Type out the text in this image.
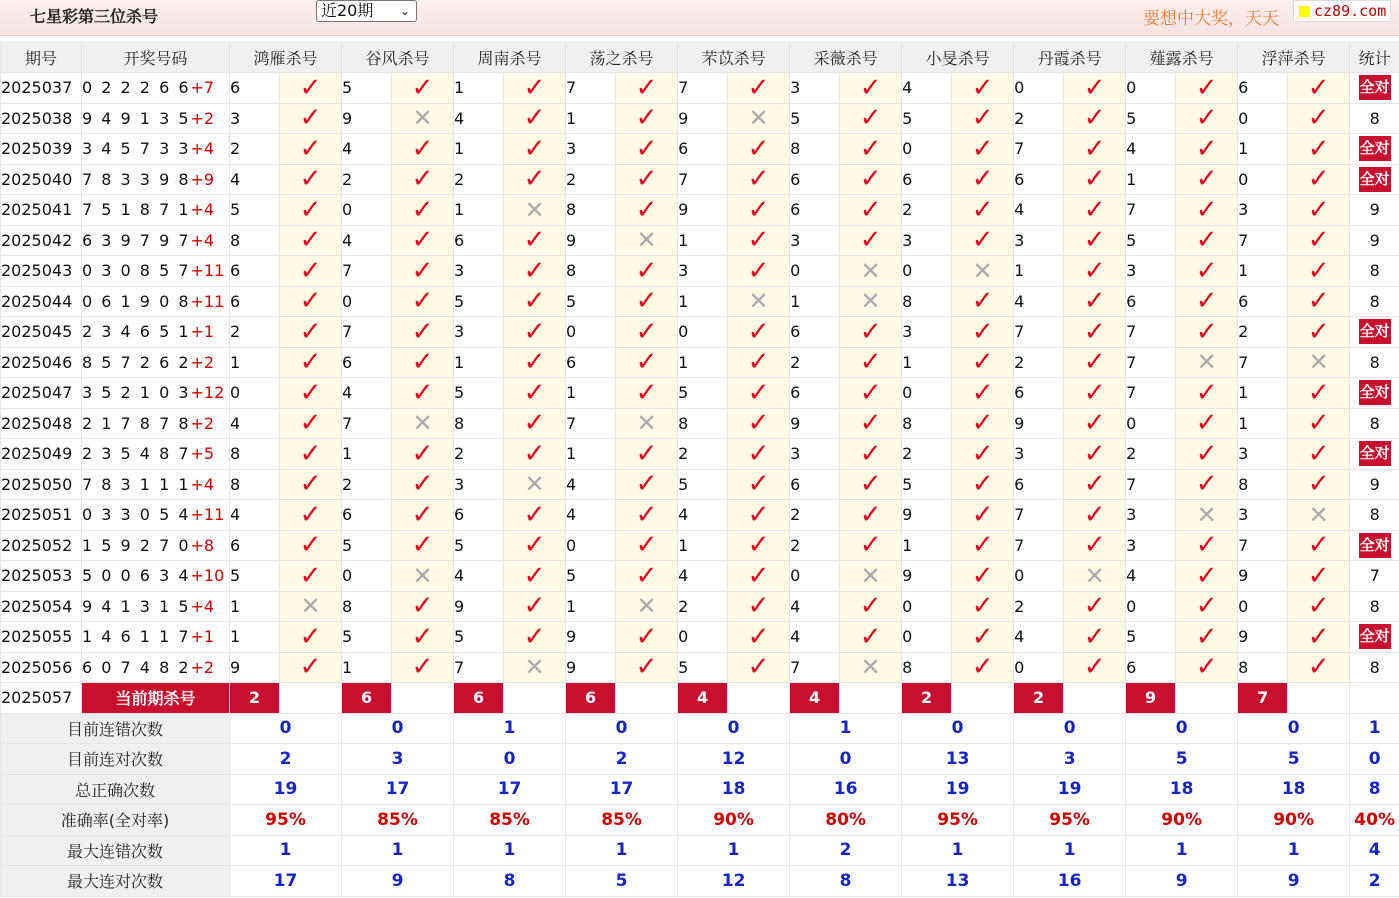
七星彩第三位杀号	近20期 ⌄	要想中大奖，天天	cz89.com
期号	开奖号码	鸿雁杀号		谷风杀号		周南杀号		荡之杀号		芣苡杀号		采薇杀号		小旻杀号		丹霞杀号		薤露杀号		浮萍杀号		统计
2025037	0 2 2 2 6 6+7	6	✓	5	✓	1	✓	7	✓	7	✓	3	✓	4	✓	0	✓	0	✓	6	✓	全对
2025038	9 4 9 1 3 5+2	3	✓	9	✕	4	✓	1	✓	9	✕	5	✓	5	✓	2	✓	5	✓	0	✓	8
2025039	3 4 5 7 3 3+4	2	✓	4	✓	1	✓	3	✓	6	✓	8	✓	0	✓	7	✓	4	✓	1	✓	全对
2025040	7 8 3 3 9 8+9	4	✓	2	✓	2	✓	2	✓	7	✓	6	✓	6	✓	6	✓	1	✓	0	✓	全对
2025041	7 5 1 8 7 1+4	5	✓	0	✓	1	✕	8	✓	9	✓	6	✓	2	✓	4	✓	7	✓	3	✓	9
2025042	6 3 9 7 9 7+4	8	✓	4	✓	6	✓	9	✕	1	✓	3	✓	3	✓	3	✓	5	✓	7	✓	9
2025043	0 3 0 8 5 7+11	6	✓	7	✓	3	✓	8	✓	3	✓	0	✕	0	✕	1	✓	3	✓	1	✓	8
2025044	0 6 1 9 0 8+11	6	✓	0	✓	5	✓	5	✓	1	✕	1	✕	8	✓	4	✓	6	✓	6	✓	8
2025045	2 3 4 6 5 1+1	2	✓	7	✓	3	✓	0	✓	0	✓	6	✓	3	✓	7	✓	7	✓	2	✓	全对
2025046	8 5 7 2 6 2+2	1	✓	6	✓	1	✓	6	✓	1	✓	2	✓	1	✓	2	✓	7	✕	7	✕	8
2025047	3 5 2 1 0 3+12	0	✓	4	✓	5	✓	1	✓	5	✓	6	✓	0	✓	6	✓	7	✓	1	✓	全对
2025048	2 1 7 8 7 8+2	4	✓	7	✕	8	✓	7	✕	8	✓	9	✓	8	✓	9	✓	0	✓	1	✓	8
2025049	2 3 5 4 8 7+5	8	✓	1	✓	2	✓	1	✓	2	✓	3	✓	2	✓	3	✓	2	✓	3	✓	全对
2025050	7 8 3 1 1 1+4	8	✓	2	✓	3	✕	4	✓	5	✓	6	✓	5	✓	6	✓	7	✓	8	✓	9
2025051	0 3 3 0 5 4+11	4	✓	6	✓	6	✓	4	✓	4	✓	2	✓	9	✓	7	✓	3	✕	3	✕	8
2025052	1 5 9 2 7 0+8	6	✓	5	✓	5	✓	0	✓	1	✓	2	✓	1	✓	7	✓	3	✓	7	✓	全对
2025053	5 0 0 6 3 4+10	5	✓	0	✕	4	✓	5	✓	4	✓	0	✕	9	✓	0	✕	4	✓	9	✓	7
2025054	9 4 1 3 1 5+4	1	✕	8	✓	9	✓	1	✕	2	✓	4	✓	0	✓	2	✓	0	✓	0	✓	8
2025055	1 4 6 1 1 7+1	1	✓	5	✓	5	✓	9	✓	0	✓	4	✓	0	✓	4	✓	5	✓	9	✓	全对
2025056	6 0 7 4 8 2+2	9	✓	1	✓	7	✕	9	✓	5	✓	7	✕	8	✓	0	✓	6	✓	8	✓	8
2025057	当前期杀号	2		6		6		6		4		4		2		2		9		7		
目前连错次数		0		0		1		0		0		1		0		0		0		0		1
目前连对次数		2		3		0		2		12		0		13		3		5		5		0
总正确次数		19		17		17		17		18		16		19		19		18		18		8
准确率(全对率)		95%		85%		85%		85%		90%		80%		95%		95%		90%		90%		40%
最大连错次数		1		1		1		1		1		2		1		1		1		1		4
最大连对次数		17		9		8		5		12		8		13		16		9		9		2
